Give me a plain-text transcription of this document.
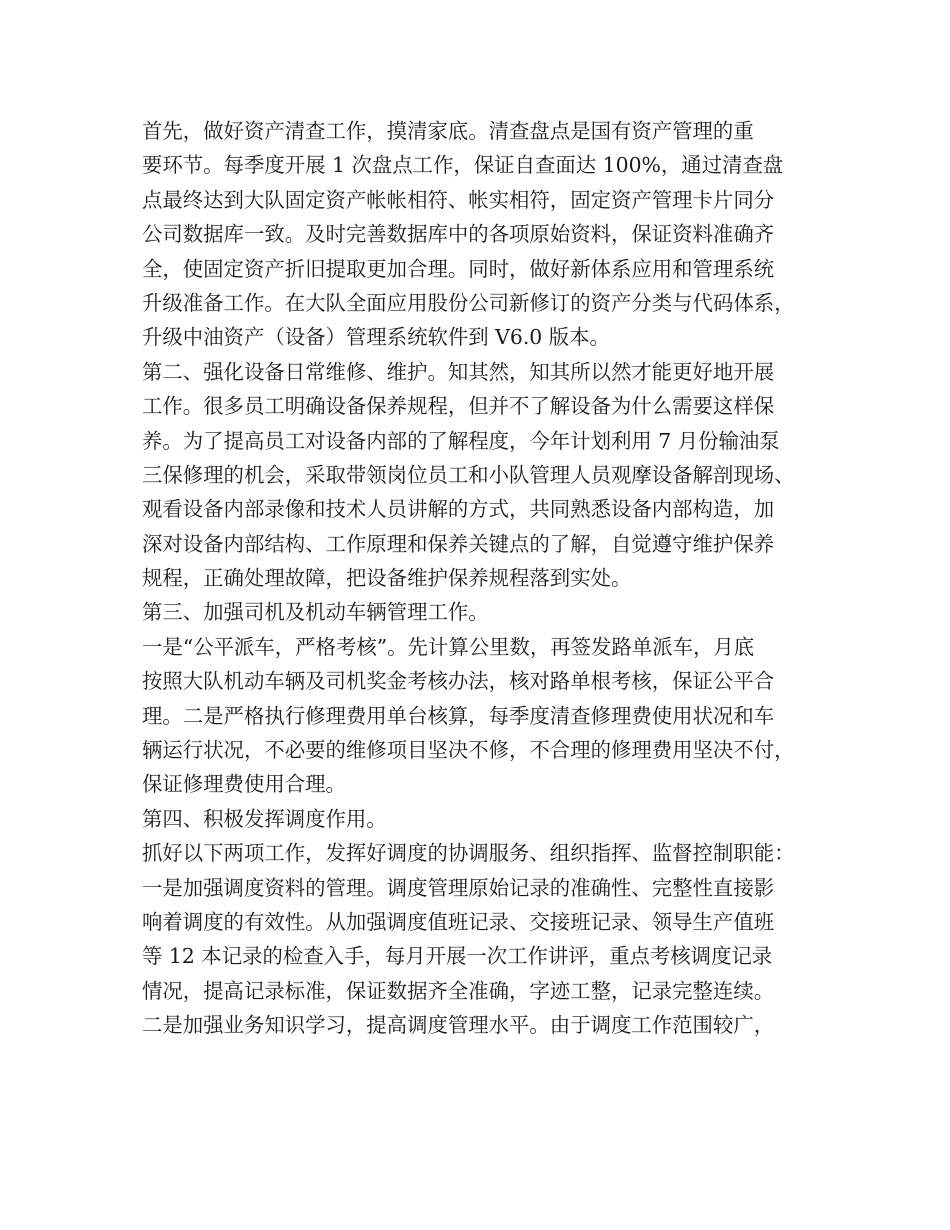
首先，做好资产清查工作，摸清家底。清查盘点是国有资产管理的重
要环节。每季度开展 1 次盘点工作，保证自查面达 100%，通过清查盘
点最终达到大队固定资产帐帐相符、帐实相符，固定资产管理卡片同分
公司数据库一致。及时完善数据库中的各项原始资料，保证资料准确齐
全，使固定资产折旧提取更加合理。同时，做好新体系应用和管理系统
升级准备工作。在大队全面应用股份公司新修订的资产分类与代码体系，
升级中油资产（设备）管理系统软件到 V6.0 版本。
第二、强化设备日常维修、维护。知其然，知其所以然才能更好地开展
工作。很多员工明确设备保养规程，但并不了解设备为什么需要这样保
养。为了提高员工对设备内部的了解程度，今年计划利用 7 月份输油泵
三保修理的机会，采取带领岗位员工和小队管理人员观摩设备解剖现场、
观看设备内部录像和技术人员讲解的方式，共同熟悉设备内部构造，加
深对设备内部结构、工作原理和保养关键点的了解，自觉遵守维护保养
规程，正确处理故障，把设备维护保养规程落到实处。
第三、加强司机及机动车辆管理工作。
一是“公平派车，严格考核”。先计算公里数，再签发路单派车，月底
按照大队机动车辆及司机奖金考核办法，核对路单根考核，保证公平合
理。二是严格执行修理费用单台核算，每季度清查修理费使用状况和车
辆运行状况，不必要的维修项目坚决不修，不合理的修理费用坚决不付，
保证修理费使用合理。
第四、积极发挥调度作用。
抓好以下两项工作，发挥好调度的协调服务、组织指挥、监督控制职能：
一是加强调度资料的管理。调度管理原始记录的准确性、完整性直接影
响着调度的有效性。从加强调度值班记录、交接班记录、领导生产值班
等 12 本记录的检查入手，每月开展一次工作讲评，重点考核调度记录
情况，提高记录标准，保证数据齐全准确，字迹工整，记录完整连续。
二是加强业务知识学习，提高调度管理水平。由于调度工作范围较广，
